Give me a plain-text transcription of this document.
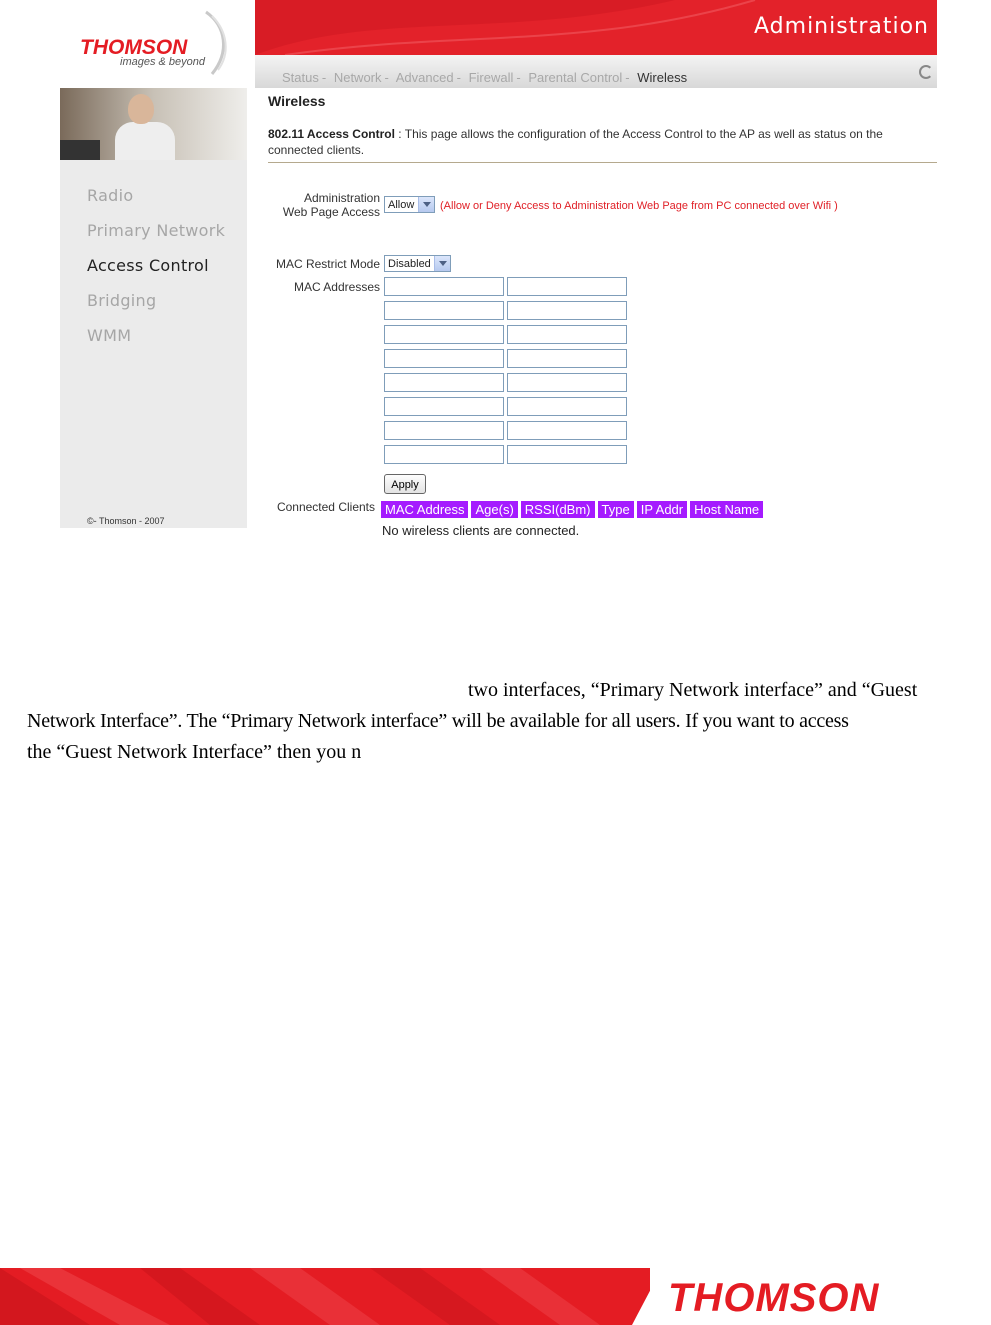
THOMSON
images & beyond
Administration
Status - Network - Advanced - Firewall - Parental Control - Wireless
Radio
Primary Network
Access Control
Bridging
WMM
©- Thomson - 2007
Wireless
802.11 Access Control : This page allows the configuration of the Access Control to the AP as well as status on the connected clients.
Administration
Web Page Access Allow (Allow or Deny Access to Administration Web Page from PC connected over Wifi )
MAC Restrict Mode Disabled
MAC Addresses
Apply
Connected Clients MAC Address Age(s) RSSI(dBm) Type IP Addr Host Name
No wireless clients are connected.
two interfaces, “Primary Network interface” and “Guest
Network Interface”. The “Primary Network interface” will be available for all users. If you want to access
the “Guest Network Interface” then you n
THOMSON
